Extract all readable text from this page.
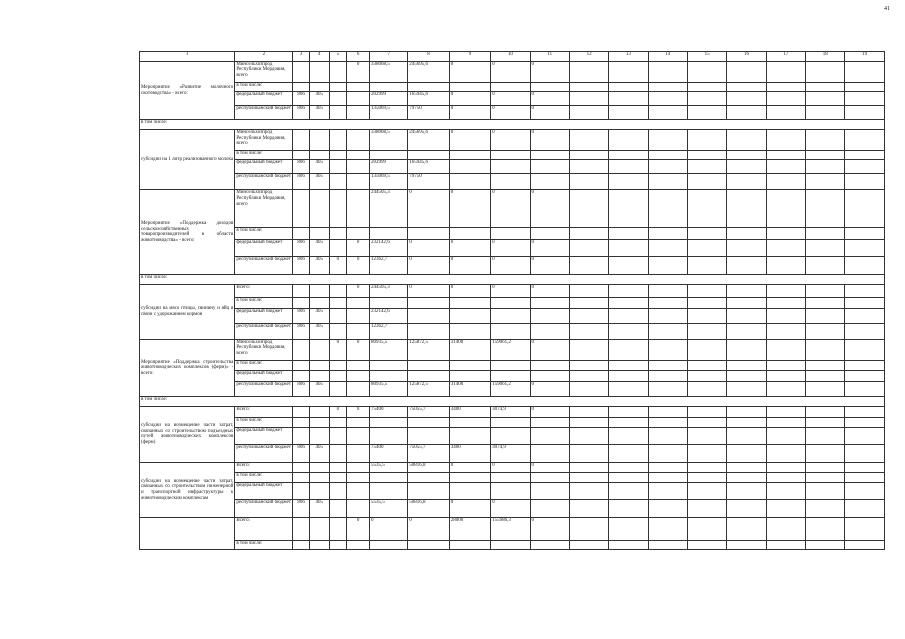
41
1	2	3	4	5	6	7	8	9	10	11	12	13	14	15	16	17	18	19
Мероприятие «Развитие молочного скотоводства» - всего:	Минсельхозпрод Республики Мордовия, всего				0	338068,5	245695,6	0	0	0								
	в том числе:																	
	федеральный бюджет	806	405			202999	165945,6	0	0	0								
	республиканский бюджет	806	405			135069,5	79750	0	0	0								
в том числе:																		
субсидии на 1 литр реализованного молока	Минсельхозпрод Республики Мордовия, всего					338068,5	245695,6	0	0	0								
	в том числе:																	
	федеральный бюджет	806	405			202999	165945,6											
	республиканский бюджет	806	405			135069,5	79750											
Мероприятие «Поддержка доходов сельскохозяйственных товаропроизводителей в области животноводства» - всего:	Минсельхозпрод Республики Мордовия, всего					244505,3	0	0	0	0								
	в том числе:																	
	федеральный бюджет	806	405		0	232142,6	0	0	0	0								
	республиканский бюджет	806	405	0	0	12362,7	0	0	0	0								
в том числе:																		
субсидии на мясо птицы, свинину и яйц в связи с удорожанием кормов	Всего:				0	244505,3	0	0	0	0								
	в том числе:																	
	федеральный бюджет	806	405			232142,6												
	республиканский бюджет	806	405			12362,7												
Мероприятие «Поддержка строительства животноводческих комплексов (ферм)» - всего:	Минсельхозпрод Республики Мордовия, всего			0	0	80935,5	125872,5	31400	159061,2	0								
	в том числе:																	
	федеральный бюджет																	
	республиканский бюджет	806	405			80935,5	125872,5	31400	159061,2	0								
в том числе:																		
субсидии на возмещение части затрат, связанных со строительством подъездных путей животноводческих комплексов (ферм)	Всего:			0	0	75400	75055,7	3400	3074,9	0								
	в том числе:																	
	федеральный бюджет																	
	республиканский бюджет	806	405			75400	75055,7	3400	3074,9									
субсидии на возмещение части затрат, связанных со строительством инженерной и транспортной инфраструктуры к животноводческим комплексам	Всего:					5535,5	50816,8	0	0	0								
	в том числе:																	
	федеральный бюджет																	
	республиканский бюджет	806	405			5535,5	50816,8	0	0									
	Всего:				0	0	0	28000	155986,3	0								
	в том числе:																	
